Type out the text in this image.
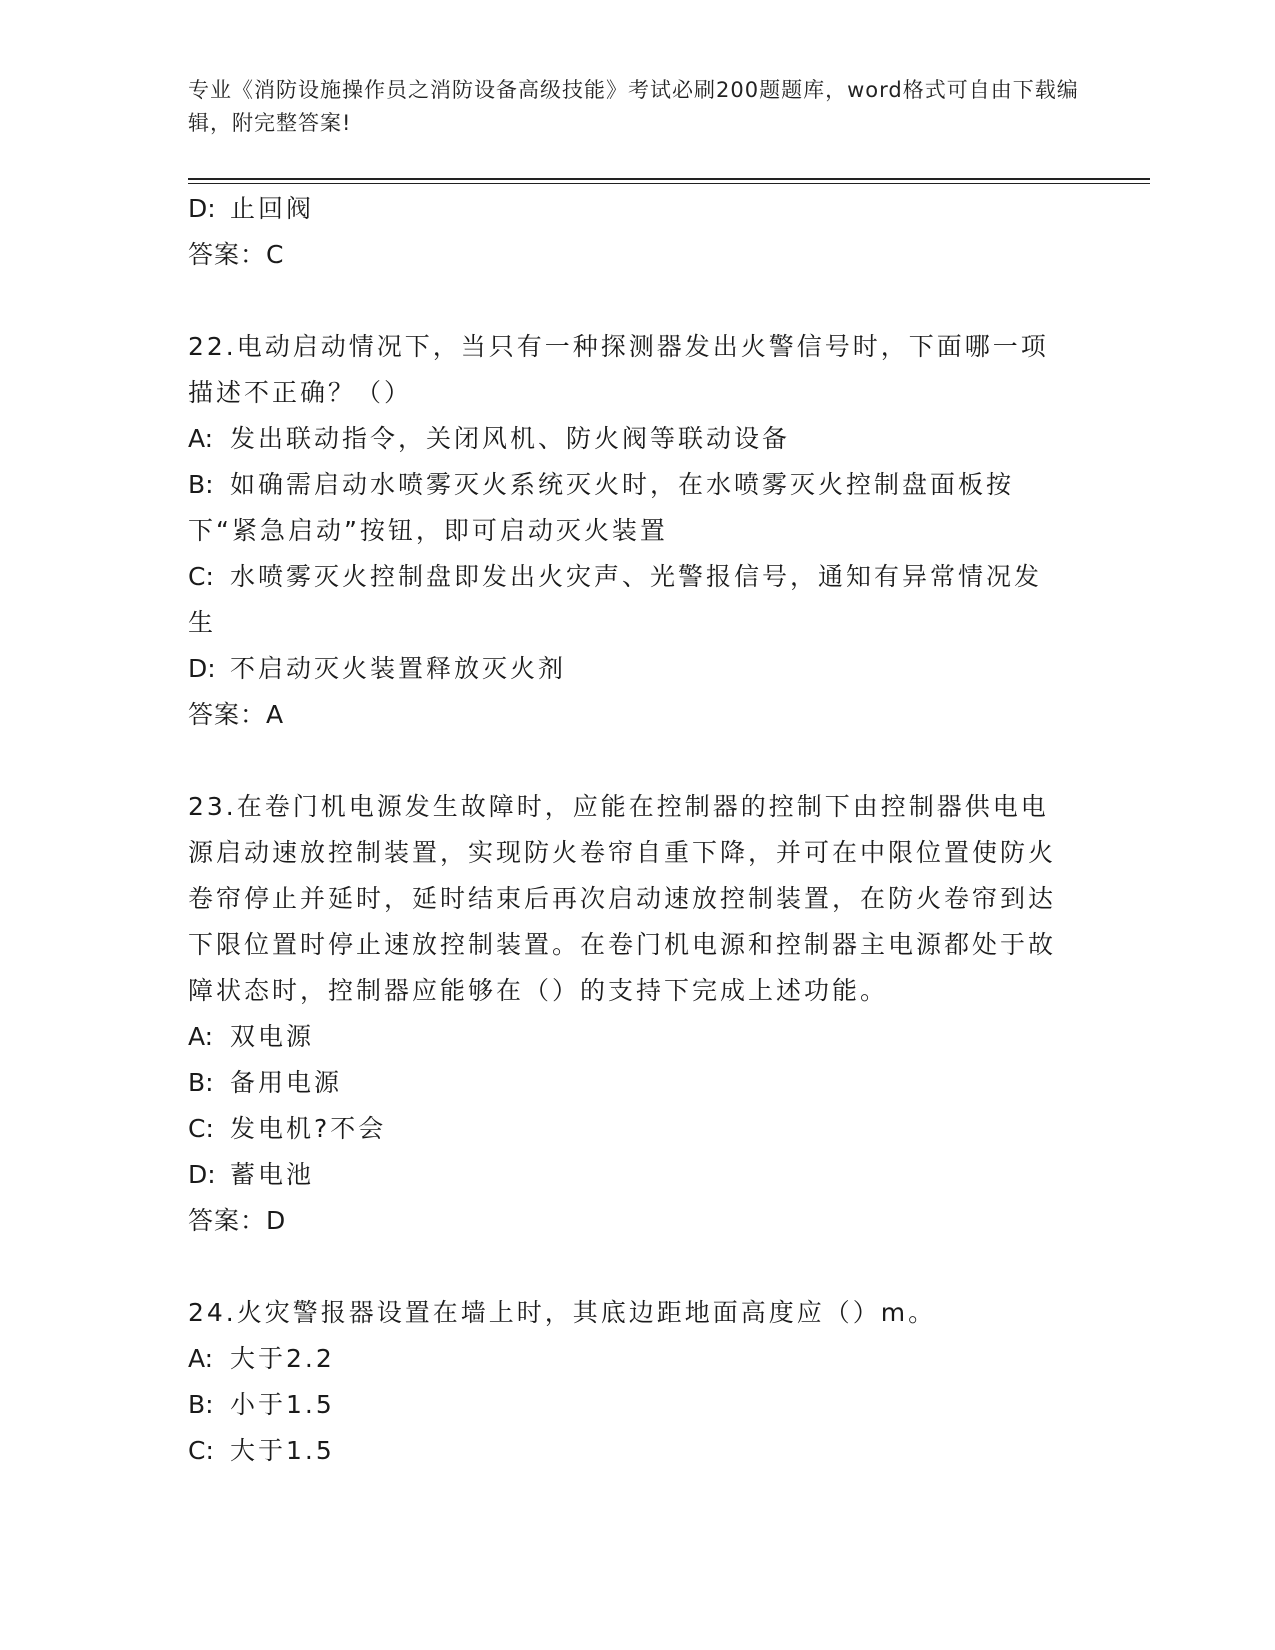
专业《消防设施操作员之消防设备高级技能》考试必刷200题题库，word格式可自由下载编辑，附完整答案!

D: 止回阀

答案：C

22.电动启动情况下，当只有一种探测器发出火警信号时，下面哪一项描述不正确？（）

A: 发出联动指令，关闭风机、防火阀等联动设备

B: 如确需启动水喷雾灭火系统灭火时，在水喷雾灭火控制盘面板按下“紧急启动”按钮，即可启动灭火装置

C: 水喷雾灭火控制盘即发出火灾声、光警报信号，通知有异常情况发生

D: 不启动灭火装置释放灭火剂

答案：A

23.在卷门机电源发生故障时，应能在控制器的控制下由控制器供电电源启动速放控制装置，实现防火卷帘自重下降，并可在中限位置使防火卷帘停止并延时，延时结束后再次启动速放控制装置，在防火卷帘到达下限位置时停止速放控制装置。在卷门机电源和控制器主电源都处于故障状态时，控制器应能够在（）的支持下完成上述功能。

A: 双电源

B: 备用电源

C: 发电机?不会

D: 蓄电池

答案：D

24.火灾警报器设置在墙上时，其底边距地面高度应（）m。

A: 大于2.2

B: 小于1.5

C: 大于1.5
